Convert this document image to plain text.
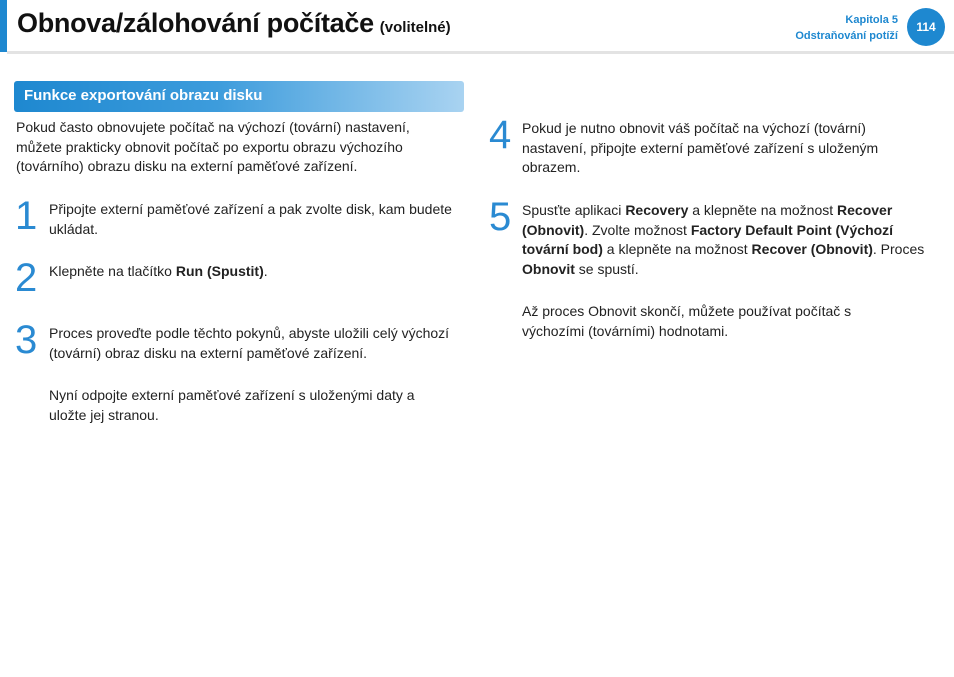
Obnova/zálohování počítače (volitelné)	Kapitola 5
Odstraňování potíží
114
Funkce exportování obrazu disku
Pokud často obnovujete počítač na výchozí (tovární) nastavení, můžete prakticky obnovit počítač po exportu obrazu výchozího (továrního) obrazu disku na externí paměťové zařízení.
1 Připojte externí paměťové zařízení a pak zvolte disk, kam budete ukládat.
2 Klepněte na tlačítko Run (Spustit).
3 Proces proveďte podle těchto pokynů, abyste uložili celý výchozí (tovární) obraz disku na externí paměťové zařízení.
Nyní odpojte externí paměťové zařízení s uloženými daty a uložte jej stranou.
4 Pokud je nutno obnovit váš počítač na výchozí (tovární) nastavení, připojte externí paměťové zařízení s uloženým obrazem.
5 Spusťte aplikaci Recovery a klepněte na možnost Recover (Obnovit). Zvolte možnost Factory Default Point (Výchozí tovární bod) a klepněte na možnost Recover (Obnovit). Proces Obnovit se spustí.
Až proces Obnovit skončí, můžete používat počítač s výchozími (továrními) hodnotami.
